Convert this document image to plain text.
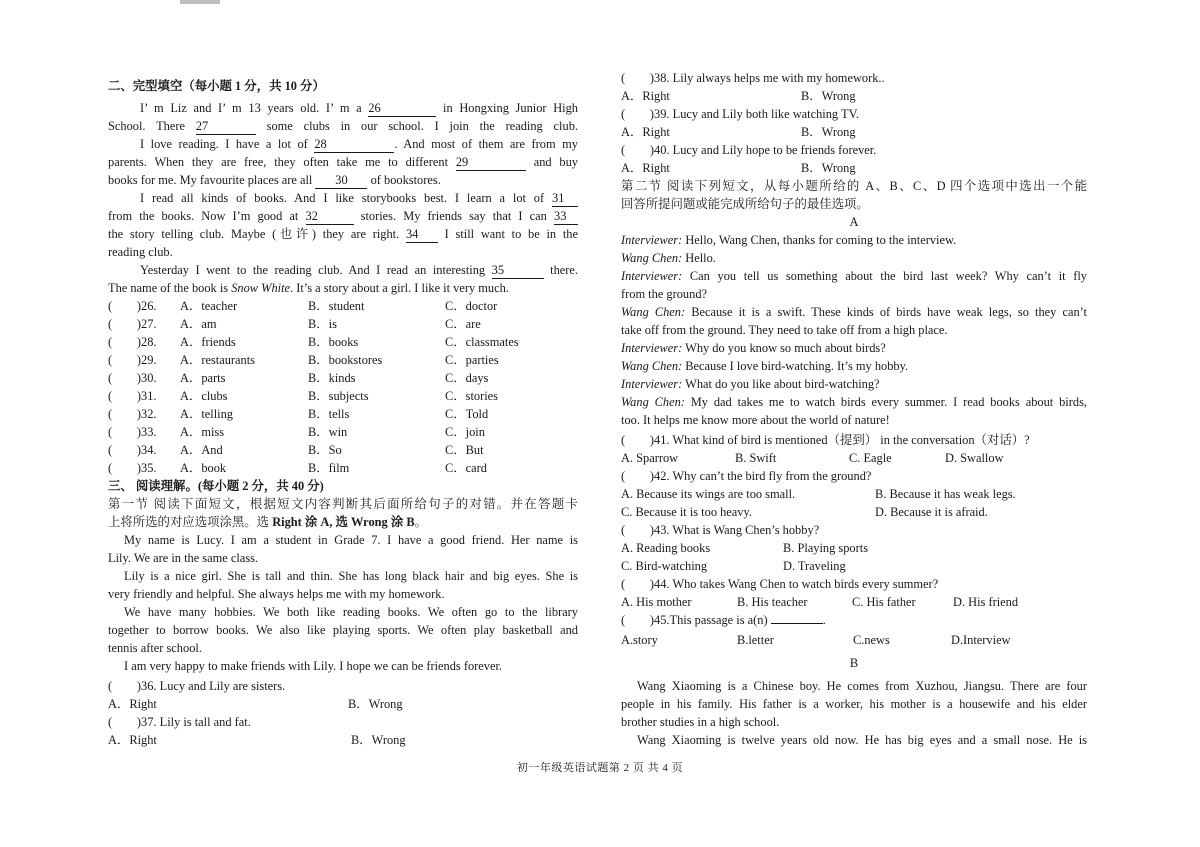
二、完型填空（每小题 1 分，共 10 分）
I’ m Liz and I’ m 13 years old. I’ m a 26	in Hongxing Junior High
School. There 27	some clubs in our school. I join the reading club.
I love reading. I have a lot of 28	. And most of them are from my
parents. When they are free, they often take me to different 29	and buy
books for me. My favourite places are all 30 of bookstores.
I read all kinds of books. And I like storybooks best. I learn a lot of 31
from the books. Now I’m good at 32	stories. My friends say that I can 33
the story telling club. Maybe (也许) they are right. 34 I still want to be in the
reading club.
Yesterday I went to the reading club. And I read an interesting 35	there.
The name of the book is Snow White. It’s a story about a girl. I like it very much.
(　　)26. A．teacher	B．student	C．doctor
(　　)27. A．am	B．is	C．are
(　　)28. A．friends	B．books	C．classmates
(　　)29. A．restaurants	B．bookstores	C．parties
(　　)30. A．parts	B．kinds	C．days
(　　)31. A．clubs	B．subjects	C．stories
(　　)32. A．telling	B．tells	C．Told
(　　)33. A．miss	B．win	C．join
(　　)34. A．And	B．So	C．But
(　　)35. A．book	B．film	C．card
三、 阅读理解。(每小题 2 分，共 40 分)
第一节 阅读下面短文，根据短文内容判断其后面所给句子的对错。并在答题卡
上将所选的对应选项涂黑。选 Right 涂 A, 选 Wrong 涂 B。
My name is Lucy. I am a student in Grade 7. I have a good friend. Her name is
Lily. We are in the same class.
Lily is a nice girl. She is tall and thin. She has long black hair and big eyes. She is
very friendly and helpful. She always helps me with my homework.
We have many hobbies. We both like reading books. We often go to the library
together to borrow books. We also like playing sports. We often play basketball and
tennis after school.
I am very happy to make friends with Lily. I hope we can be friends forever.
(　　)36. Lucy and Lily are sisters.
A．Right	B．Wrong
(　　)37. Lily is tall and fat.
A．Right	B．Wrong
(　　)38. Lily always helps me with my homework..
A．Right	B．Wrong
(　　)39. Lucy and Lily both like watching TV.
A．Right	B．Wrong
(　　)40. Lucy and Lily hope to be friends forever.
A．Right	B．Wrong
第二节 阅读下列短文，从每小题所给的 A、B、C、D 四个选项中选出一个能
回答所提问题或能完成所给句子的最佳选项。
A
Interviewer: Hello, Wang Chen, thanks for coming to the interview.
Wang Chen: Hello.
Interviewer: Can you tell us something about the bird last week? Why can’t it fly
from the ground?
Wang Chen: Because it is a swift. These kinds of birds have weak legs, so they can’t
take off from the ground. They need to take off from a high place.
Interviewer: Why do you know so much about birds?
Wang Chen: Because I love bird-watching. It’s my hobby.
Interviewer: What do you like about bird-watching?
Wang Chen: My dad takes me to watch birds every summer. I read books about birds,
too. It helps me know more about the world of nature!
(　　)41. What kind of bird is mentioned（提到） in the conversation（对话）?
A. Sparrow	B. Swift	C. Eagle	D. Swallow
(　　)42. Why can’t the bird fly from the ground?
A. Because its wings are too small.	B. Because it has weak legs.
C. Because it is too heavy.	D. Because it is afraid.
(　　)43. What is Wang Chen’s hobby?
A. Reading books	B. Playing sports
C. Bird-watching	D. Traveling
(　　)44. Who takes Wang Chen to watch birds every summer?
A. His mother	B. His teacher	C. His father	D. His friend
(　　)45.This passage is a(n)	.
A.story	B.letter	C.news	D.Interview
B
Wang Xiaoming is a Chinese boy. He comes from Xuzhou, Jiangsu. There are four
people in his family. His father is a worker, his mother is a housewife and his elder
brother studies in a high school.
Wang Xiaoming is twelve years old now. He has big eyes and a small nose. He is
初一年级英语试题第 2 页 共 4 页
